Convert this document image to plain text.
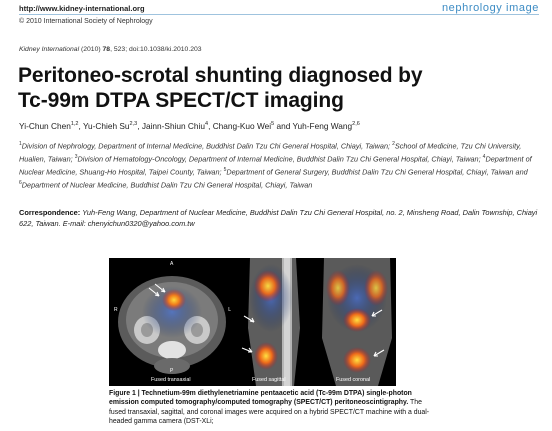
http://www.kidney-international.org	nephrology image
© 2010 International Society of Nephrology
Kidney International (2010) 78, 523; doi:10.1038/ki.2010.203
Peritoneo-scrotal shunting diagnosed by
Tc-99m DTPA SPECT/CT imaging
Yi-Chun Chen$^{1,2}$, Yu-Chieh Su$^{2,3}$, Jainn-Shiun Chiu$^4$, Chang-Kuo Wei$^5$ and Yuh-Feng Wang$^{2,6}$
$^1$Division of Nephrology, Department of Internal Medicine, Buddhist Dalin Tzu Chi General Hospital, Chiayi, Taiwan; $^2$School of Medicine, Tzu Chi University, Hualien, Taiwan; $^3$Division of Hematology-Oncology, Department of Internal Medicine, Buddhist Dalin Tzu Chi General Hospital, Chiayi, Taiwan; $^4$Department of Nuclear Medicine, Shuang-Ho Hospital, Taipei County, Taiwan; $^5$Department of General Surgery, Buddhist Dalin Tzu Chi General Hospital, Chiayi, Taiwan and $^6$Department of Nuclear Medicine, Buddhist Dalin Tzu Chi General Hospital, Chiayi, Taiwan
Correspondence: Yuh-Feng Wang, Department of Nuclear Medicine, Buddhist Dalin Tzu Chi General Hospital, no. 2, Minsheng Road, Dalin Township, Chiayi 622, Taiwan. E-mail: chenyichun0320@yahoo.com.tw
R	L
A
P
Fused transaxial	Fused sagittal	Fused coronal
Figure 1 | Technetium-99m diethylenetriamine pentaacetic acid (Tc-99m DTPA) single-photon emission computed tomography/computed tomography (SPECT/CT) peritoneoscintigraphy. The fused transaxial, sagittal, and coronal images were acquired on a hybrid SPECT/CT machine with a dual-headed gamma camera (DST-XLi;
